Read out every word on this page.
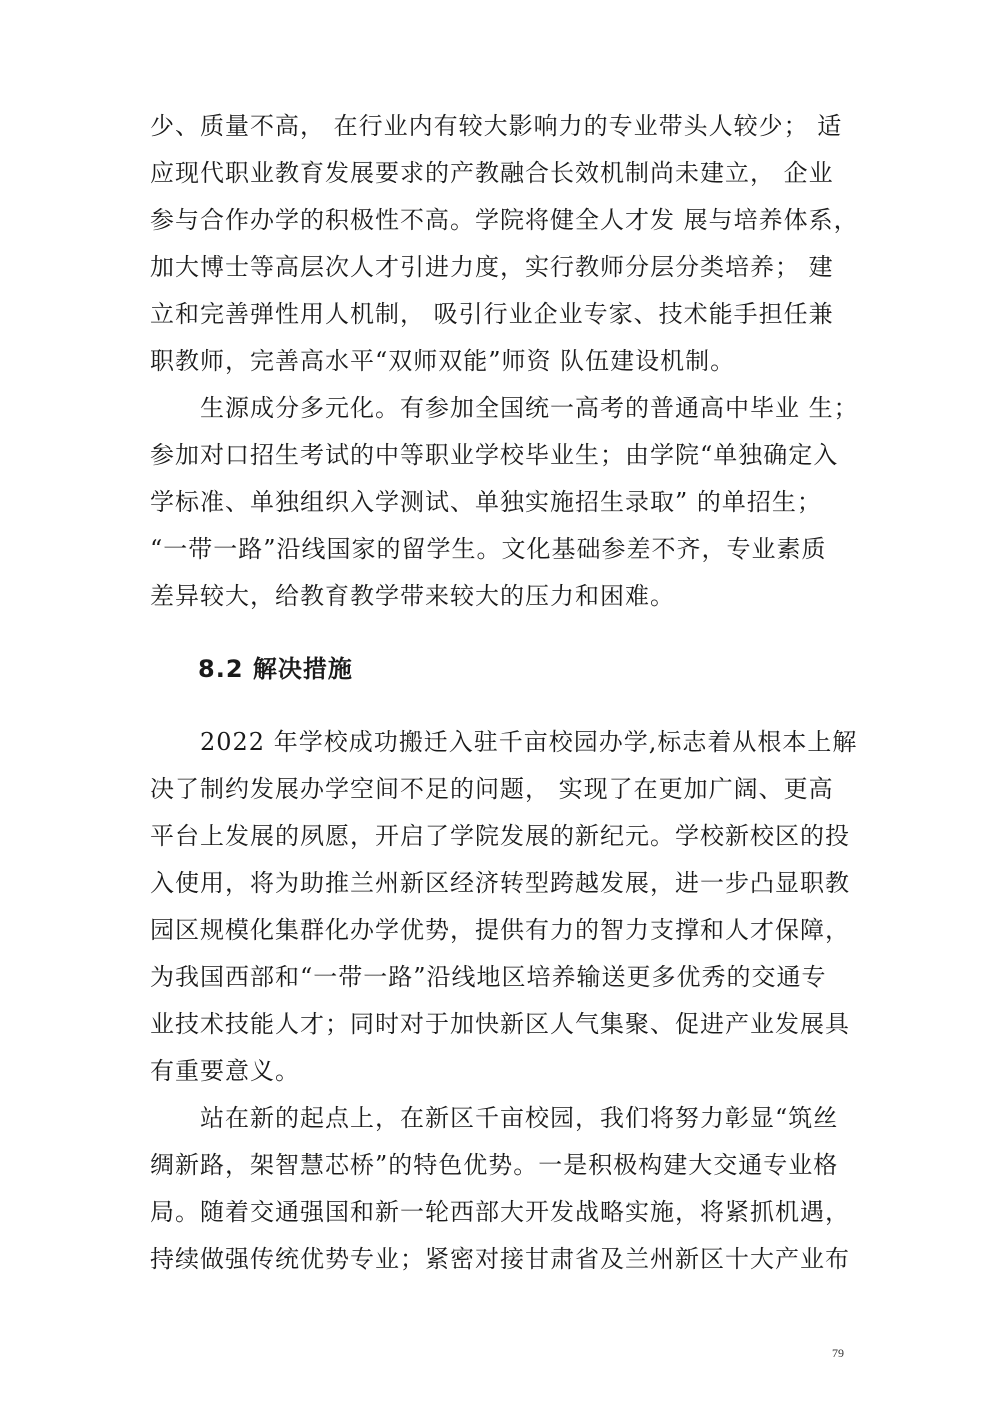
少、质量不高， 在行业内有较大影响力的专业带头人较少； 适

应现代职业教育发展要求的产教融合长效机制尚未建立， 企业

参与合作办学的积极性不高。学院将健全人才发 展与培养体系，

加大博士等高层次人才引进力度，实行教师分层分类培养； 建

立和完善弹性用人机制， 吸引行业企业专家、技术能手担任兼

职教师，完善高水平“双师双能”师资 队伍建设机制。

　　生源成分多元化。有参加全国统一高考的普通高中毕业 生；

参加对口招生考试的中等职业学校毕业生；由学院“单独确定入

学标准、单独组织入学测试、单独实施招生录取” 的单招生；

“一带一路”沿线国家的留学生。文化基础参差不齐，专业素质

差异较大，给教育教学带来较大的压力和困难。

8.2 解决措施

　　2022 年学校成功搬迁入驻千亩校园办学,标志着从根本上解

决了制约发展办学空间不足的问题， 实现了在更加广阔、更高

平台上发展的夙愿，开启了学院发展的新纪元。学校新校区的投

入使用，将为助推兰州新区经济转型跨越发展，进一步凸显职教

园区规模化集群化办学优势，提供有力的智力支撑和人才保障，

为我国西部和“一带一路”沿线地区培养输送更多优秀的交通专

业技术技能人才；同时对于加快新区人气集聚、促进产业发展具

有重要意义。

　　站在新的起点上，在新区千亩校园，我们将努力彰显“筑丝

绸新路，架智慧芯桥”的特色优势。一是积极构建大交通专业格

局。随着交通强国和新一轮西部大开发战略实施，将紧抓机遇，

持续做强传统优势专业；紧密对接甘肃省及兰州新区十大产业布

79
